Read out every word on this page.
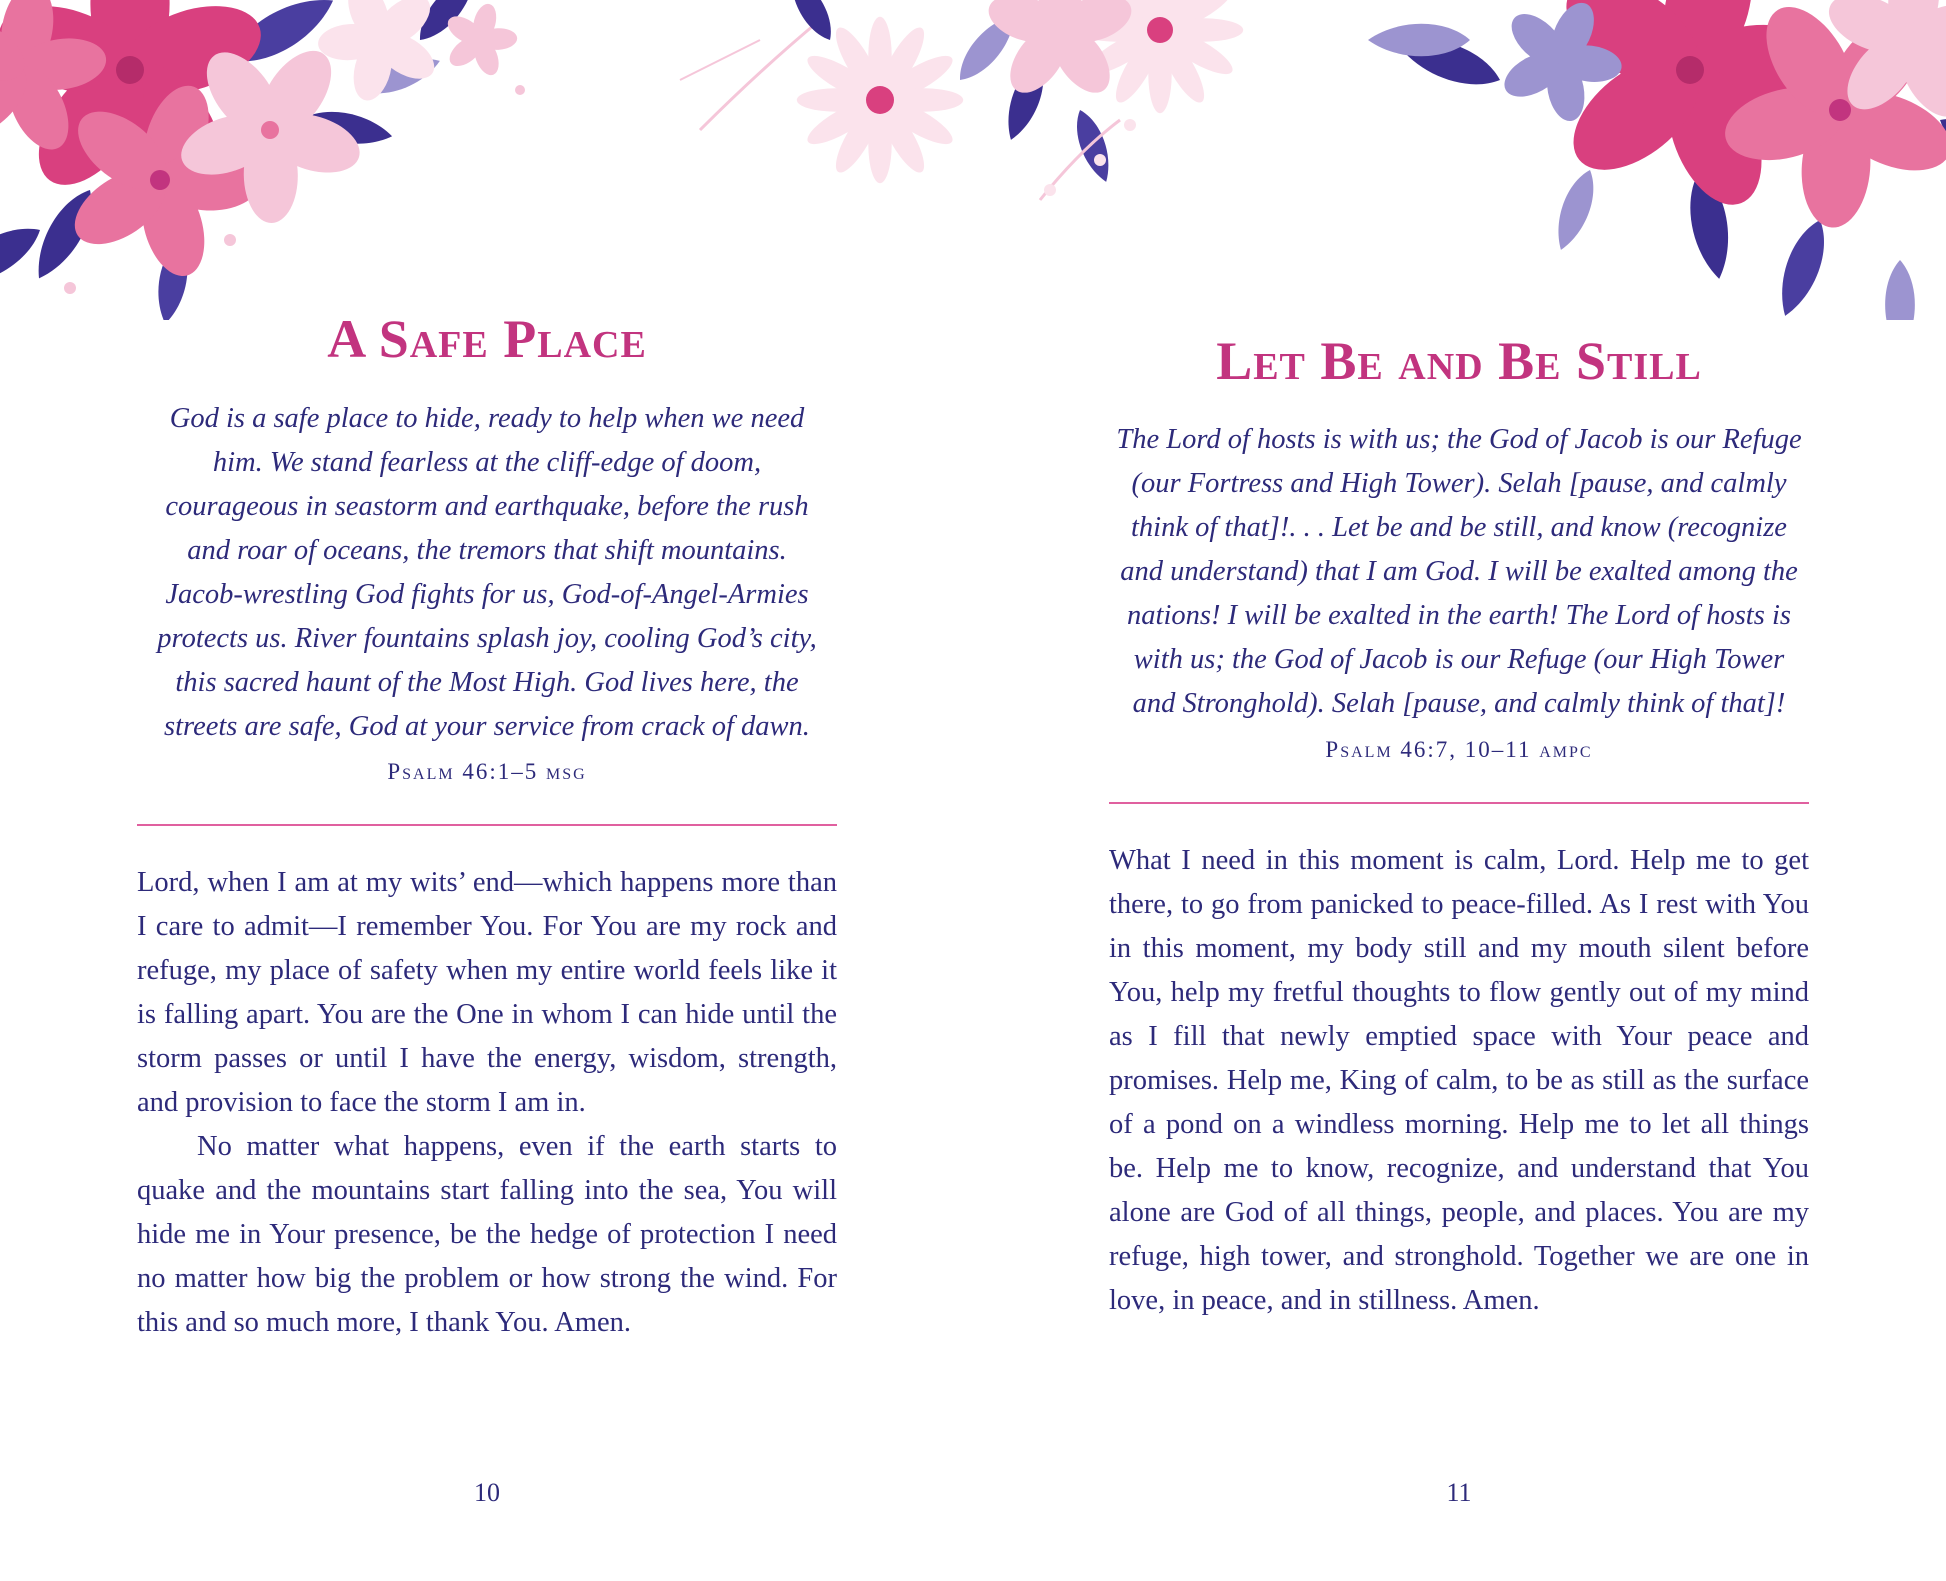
A Safe Place
God is a safe place to hide, ready to help when we need him. We stand fearless at the cliff-edge of doom, courageous in seastorm and earthquake, before the rush and roar of oceans, the tremors that shift mountains. Jacob-wrestling God fights for us, God-of-Angel-Armies protects us. River fountains splash joy, cooling God’s city, this sacred haunt of the Most High. God lives here, the streets are safe, God at your service from crack of dawn.
Psalm 46:1–5 msg

Lord, when I am at my wits’ end—which happens more than I care to admit—I remember You. For You are my rock and refuge, my place of safety when my entire world feels like it is falling apart. You are the One in whom I can hide until the storm passes or until I have the energy, wisdom, strength, and provision to face the storm I am in.

No matter what happens, even if the earth starts to quake and the mountains start falling into the sea, You will hide me in Your presence, be the hedge of protection I need no matter how big the problem or how strong the wind. For this and so much more, I thank You. Amen.

10
Let Be and Be Still
The Lord of hosts is with us; the God of Jacob is our Refuge (our Fortress and High Tower). Selah [pause, and calmly think of that]!. . . Let be and be still, and know (recognize and understand) that I am God. I will be exalted among the nations! I will be exalted in the earth! The Lord of hosts is with us; the God of Jacob is our Refuge (our High Tower and Stronghold). Selah [pause, and calmly think of that]!
Psalm 46:7, 10–11 ampc

What I need in this moment is calm, Lord. Help me to get there, to go from panicked to peace-filled. As I rest with You in this moment, my body still and my mouth silent before You, help my fretful thoughts to flow gently out of my mind as I fill that newly emptied space with Your peace and promises. Help me, King of calm, to be as still as the surface of a pond on a windless morning. Help me to let all things be. Help me to know, recognize, and understand that You alone are God of all things, people, and places. You are my refuge, high tower, and stronghold. Together we are one in love, in peace, and in stillness. Amen.

11
